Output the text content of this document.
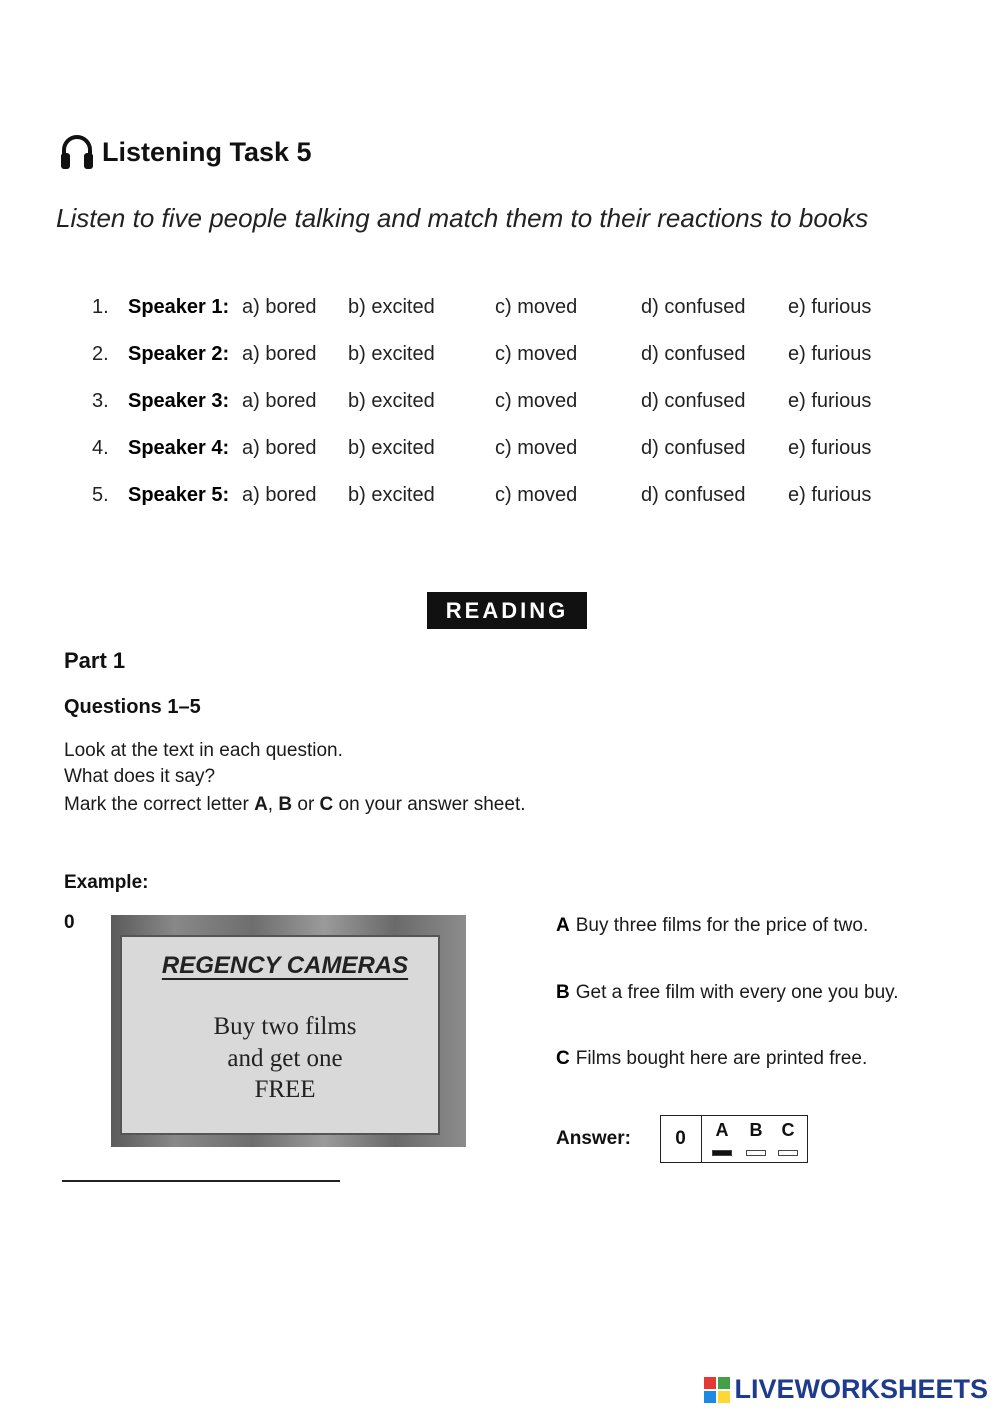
Listening Task 5
Listen to five people talking and match them to their reactions to books
1. Speaker 1: a) bored b) excited	c) moved	d) confused e) furious
2. Speaker 2: a) bored b) excited	c) moved	d) confused e) furious
3. Speaker 3: a) bored b) excited	c) moved	d) confused e) furious
4. Speaker 4: a) bored b) excited	c) moved	d) confused e) furious
5. Speaker 5: a) bored b) excited	c) moved	d) confused e) furious
READING
Part 1
Questions 1–5
Look at the text in each question.
What does it say?
Mark the correct letter A, B or C on your answer sheet.
Example:
0
REGENCY CAMERAS
Buy two films
and get one
FREE
A Buy three films for the price of two.
B Get a free film with every one you buy.
C Films bought here are printed free.
Answer:	0	A B C
LIVEWORKSHEETS
